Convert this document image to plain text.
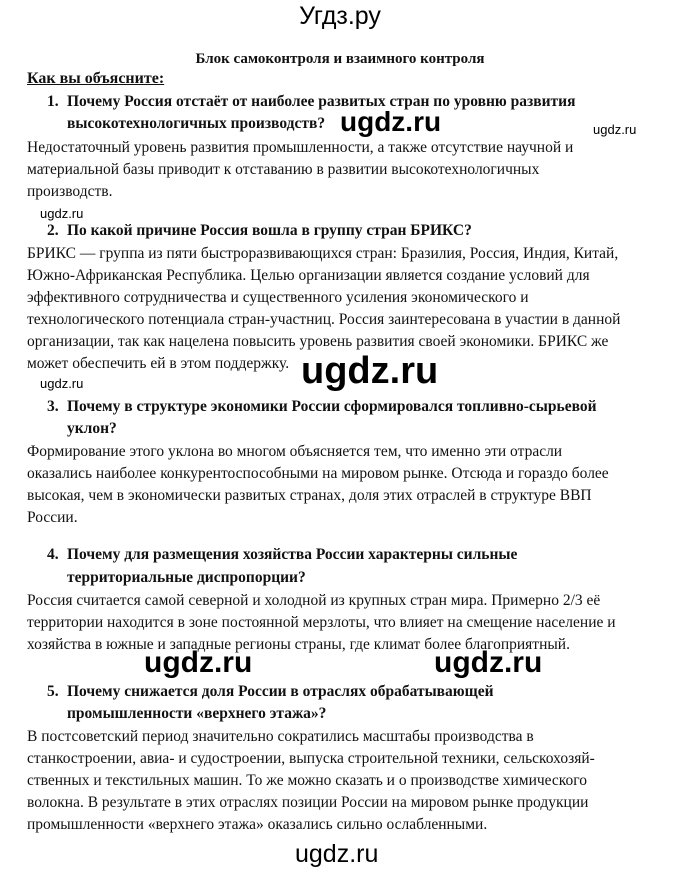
Угдз.ру
Блок самоконтроля и взаимного контроля
Как вы объясните:
1. Почему Россия отстаёт от наиболее развитых стран по уровню развития
высокотехнологичных производств?
Недостаточный уровень развития промышленности, а также отсутствие научной и
материальной базы приводит к отставанию в развитии высокотехнологичных
производств.
2. По какой причине Россия вошла в группу стран БРИКС?
БРИКС — группа из пяти быстроразвивающихся стран: Бразилия, Россия, Индия, Китай,
Южно-Африканская Республика. Целью организации является создание условий для
эффективного сотрудничества и существенного усиления экономического и
технологического потенциала стран-участниц. Россия заинтересована в участии в данной
организации, так как нацелена повысить уровень развития своей экономики. БРИКС же
может обеспечить ей в этом поддержку.
3. Почему в структуре экономики России сформировался топливно-сырьевой
уклон?
Формирование этого уклона во многом объясняется тем, что именно эти отрасли
оказались наиболее конкурентоспособными на мировом рынке. Отсюда и гораздо более
высокая, чем в экономически развитых странах, доля этих отраслей в структуре ВВП
России.
4. Почему для размещения хозяйства России характерны сильные
территориальные диспропорции?
Россия считается самой северной и холодной из крупных стран мира. Примерно 2/3 её
территории находится в зоне постоянной мерзлоты, что влияет на смещение население и
хозяйства в южные и западные регионы страны, где климат более благоприятный.
5. Почему снижается доля России в отраслях обрабатывающей
промышленности «верхнего этажа»?
В постсоветский период значительно сократились масштабы производства в
станкостроении, авиа- и судостроении, выпуска строительной техники, сельскохозяй-
ственных и текстильных машин. То же можно сказать и о производстве химического
волокна. В результате в этих отраслях позиции России на мировом рынке продукции
промышленности «верхнего этажа» оказались сильно ослабленными.
ugdz.ru	ugdz.ru
ugdz.ru
ugdz.ru
ugdz.ru
ugdz.ru	ugdz.ru
ugdz.ru
